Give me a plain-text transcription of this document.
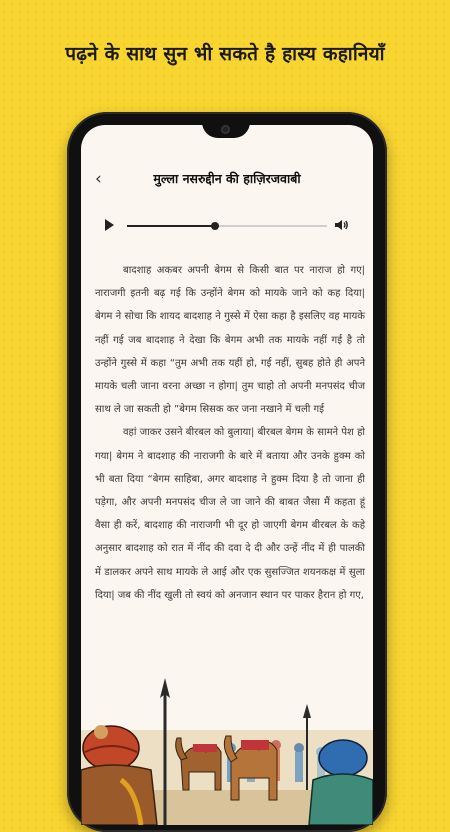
पढ़ने के साथ सुन भी सकते है हास्य कहानियाँ
‹	मुल्ला नसरुद्दीन की हाज़िरजवाबी

बादशाह अकबर अपनी बेगम से किसी बात पर नाराज हो गए| नाराजगी इतनी बढ़ गई कि उन्होंने बेगम को मायके जाने को कह दिया| बेगम ने सोचा कि शायद बादशाह ने गुस्से में ऐसा कहा है इसलिए वह मायके नहीं गई जब बादशाह ने देखा कि बेगम अभी तक मायके नहीं गई है तो उन्होंने गुस्से में कहा “तुम अभी तक यहीं हो, गई नहीं, सुबह होते ही अपने मायके चली जाना वरना अच्छा न होगा| तुम चाहो तो अपनी मनपसंद चीज साथ ले जा सकती हो ”बेगम सिसक कर जना नखाने में चली गई

वहां जाकर उसने बीरबल को बुलाया| बीरबल बेगम के सामने पेश हो गया| बेगम ने बादशाह की नाराजगी के बारे में बताया और उनके हुक्म को भी बता दिया “बेगम साहिबा, अगर बादशाह ने हुक्म दिया है तो जाना ही पड़ेगा, और अपनी मनपसंद चीज ले जा जाने की बाबत जैसा मैं कहता हूं वैसा ही करें, बादशाह की नाराजगी भी दूर हो जाएगी बेगम बीरबल के कहे अनुसार बादशाह को रात में नींद की दवा दे दी और उन्हें नींद में ही पालकी में डालकर अपने साथ मायके ले आई और एक सुसज्जित शयनकक्ष में सुला दिया| जब की नींद खुली तो स्वयं को अनजान स्थान पर पाकर हैरान हो गए,
